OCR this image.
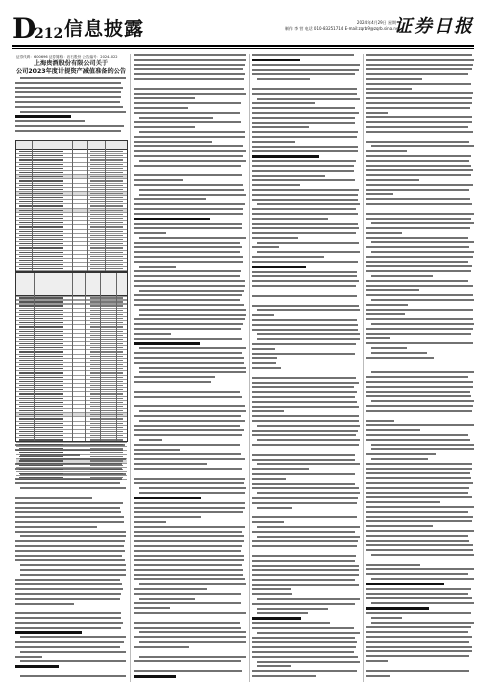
D
212 信息披露	2024年4月29日 星期一
制作 李 营 电话 010-83251714 E-mail:zqrb9@zqrb.sina.net
证券日报
证券代码：600696 证券简称：岩石股份 公告编号：2024-022
上海贵酒股份有限公司关于
公司2023年度计提资产减值准备的公告
